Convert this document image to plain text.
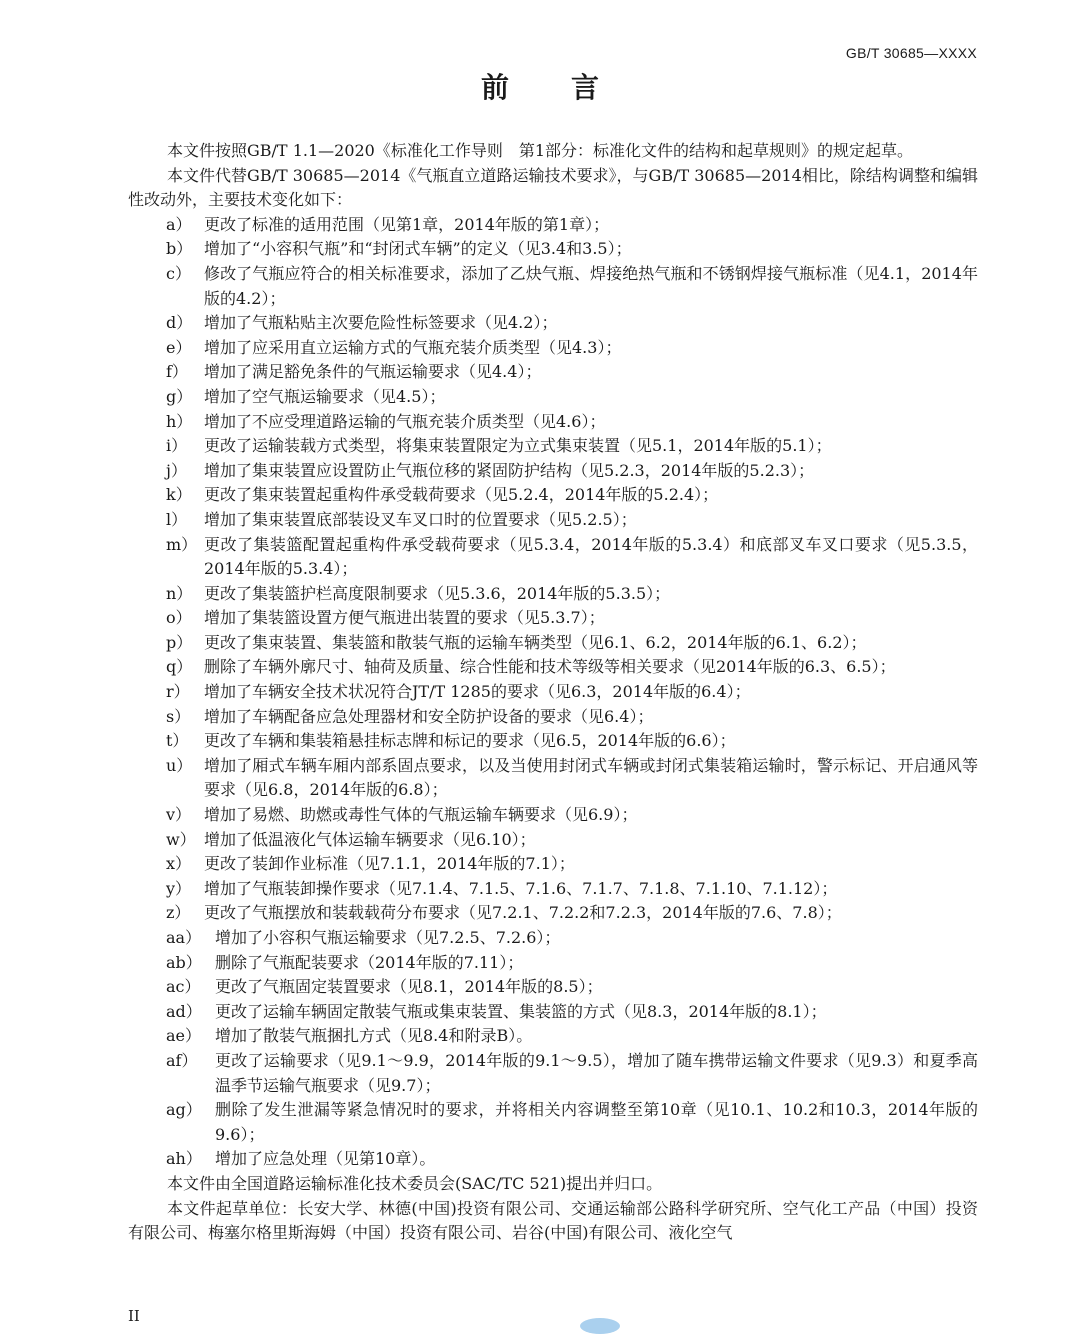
GB/T 30685—XXXX
前 言

本文件按照GB/T 1.1—2020《标准化工作导则　第1部分：标准化文件的结构和起草规则》的规定起草。

本文件代替GB/T 30685—2014《气瓶直立道路运输技术要求》，与GB/T 30685—2014相比，除结构调整和编辑性改动外，主要技术变化如下：

a） 更改了标准的适用范围（见第1章，2014年版的第1章）；
b） 增加了“小容积气瓶”和“封闭式车辆”的定义（见3.4和3.5）；
c） 修改了气瓶应符合的相关标准要求，添加了乙炔气瓶、焊接绝热气瓶和不锈钢焊接气瓶标准（见4.1，2014年版的4.2）；
d） 增加了气瓶粘贴主次要危险性标签要求（见4.2）；
e） 增加了应采用直立运输方式的气瓶充装介质类型（见4.3）；
f）	增加了满足豁免条件的气瓶运输要求（见4.4）；
g） 增加了空气瓶运输要求（见4.5）；
h） 增加了不应受理道路运输的气瓶充装介质类型（见4.6）；
i）	更改了运输装载方式类型，将集束装置限定为立式集束装置（见5.1，2014年版的5.1）；
j）	增加了集束装置应设置防止气瓶位移的紧固防护结构（见5.2.3，2014年版的5.2.3）；
k） 更改了集束装置起重构件承受载荷要求（见5.2.4，2014年版的5.2.4）；
l）	增加了集束装置底部装设叉车叉口时的位置要求（见5.2.5）；
m） 更改了集装篮配置起重构件承受载荷要求（见5.3.4，2014年版的5.3.4）和底部叉车叉口要求（见5.3.5，2014年版的5.3.4）；
n） 更改了集装篮护栏高度限制要求（见5.3.6，2014年版的5.3.5）；
o） 增加了集装篮设置方便气瓶进出装置的要求（见5.3.7）；
p） 更改了集束装置、集装篮和散装气瓶的运输车辆类型（见6.1、6.2，2014年版的6.1、6.2）；
q） 删除了车辆外廓尺寸、轴荷及质量、综合性能和技术等级等相关要求（见2014年版的6.3、6.5）；
r） 增加了车辆安全技术状况符合JT/T 1285的要求（见6.3，2014年版的6.4）；
s） 增加了车辆配备应急处理器材和安全防护设备的要求（见6.4）；
t） 更改了车辆和集装箱悬挂标志牌和标记的要求（见6.5，2014年版的6.6）；
u） 增加了厢式车辆车厢内部系固点要求，以及当使用封闭式车辆或封闭式集装箱运输时，警示标记、开启通风等要求（见6.8，2014年版的6.8）；
v） 增加了易燃、助燃或毒性气体的气瓶运输车辆要求（见6.9）；
w） 增加了低温液化气体运输车辆要求（见6.10）；
x） 更改了装卸作业标准（见7.1.1，2014年版的7.1）；
y） 增加了气瓶装卸操作要求（见7.1.4、7.1.5、7.1.6、7.1.7、7.1.8、7.1.10、7.1.12）；
z） 更改了气瓶摆放和装载载荷分布要求（见7.2.1、7.2.2和7.2.3，2014年版的7.6、7.8）；
aa） 增加了小容积气瓶运输要求（见7.2.5、7.2.6）；
ab） 删除了气瓶配装要求（2014年版的7.11）；
ac） 更改了气瓶固定装置要求（见8.1，2014年版的8.5）；
ad） 更改了运输车辆固定散装气瓶或集束装置、集装篮的方式（见8.3，2014年版的8.1）；
ae） 增加了散装气瓶捆扎方式（见8.4和附录B）。
af）	更改了运输要求（见9.1～9.9，2014年版的9.1～9.5），增加了随车携带运输文件要求（见9.3）和夏季高温季节运输气瓶要求（见9.7）；
ag） 删除了发生泄漏等紧急情况时的要求，并将相关内容调整至第10章（见10.1、10.2和10.3，2014年版的9.6）；
ah） 增加了应急处理（见第10章）。

本文件由全国道路运输标准化技术委员会(SAC/TC 521)提出并归口。

本文件起草单位：长安大学、林德(中国)投资有限公司、交通运输部公路科学研究所、空气化工产品（中国）投资有限公司、梅塞尔格里斯海姆（中国）投资有限公司、岩谷(中国)有限公司、液化空气

II
